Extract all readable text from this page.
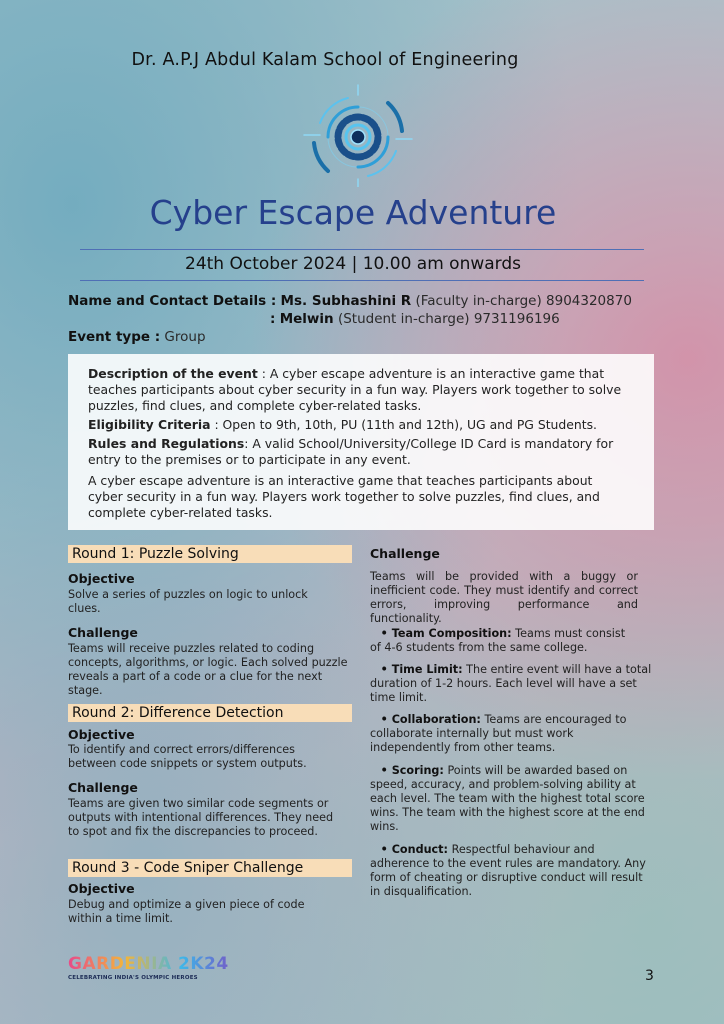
Dr. A.P.J Abdul Kalam School of Engineering
Cyber Escape Adventure
24th October 2024 | 10.00 am onwards
Name and Contact Details : Ms. Subhashini R (Faculty in-charge) 8904320870
: Melwin (Student in-charge) 9731196196
Event type : Group

Description of the event : A cyber escape adventure is an interactive game that teaches participants about cyber security in a fun way. Players work together to solve puzzles, find clues, and complete cyber-related tasks.

Eligibility Criteria : Open to 9th, 10th, PU (11th and 12th), UG and PG Students.

Rules and Regulations: A valid School/University/College ID Card is mandatory for entry to the premises or to participate in any event.

A cyber escape adventure is an interactive game that teaches participants about cyber security in a fun way. Players work together to solve puzzles, find clues, and complete cyber-related tasks.

Round 1: Puzzle Solving
Objective
Solve a series of puzzles on logic to unlock clues.
Challenge
Teams will receive puzzles related to coding concepts, algorithms, or logic. Each solved puzzle reveals a part of a code or a clue for the next stage.
Round 2: Difference Detection
Objective
To identify and correct errors/differences between code snippets or system outputs.
Challenge
Teams are given two similar code segments or outputs with intentional differences. They need to spot and fix the discrepancies to proceed.
Round 3 - Code Sniper Challenge
Objective
Debug and optimize a given piece of code within a time limit.
Challenge
Teams will be provided with a buggy or inefficient code. They must identify and correct errors, improving performance and functionality.
• Team Composition: Teams must consist of 4-6 students from the same college.
• Time Limit: The entire event will have a total duration of 1-2 hours. Each level will have a set time limit.
• Collaboration: Teams are encouraged to collaborate internally but must work independently from other teams.
• Scoring: Points will be awarded based on speed, accuracy, and problem-solving ability at each level. The team with the highest total score wins. The team with the highest score at the end wins.
• Conduct: Respectful behaviour and adherence to the event rules are mandatory. Any form of cheating or disruptive conduct will result in disqualification.
GARDENIA 2K24
CELEBRATING INDIA'S OLYMPIC HEROES	3
